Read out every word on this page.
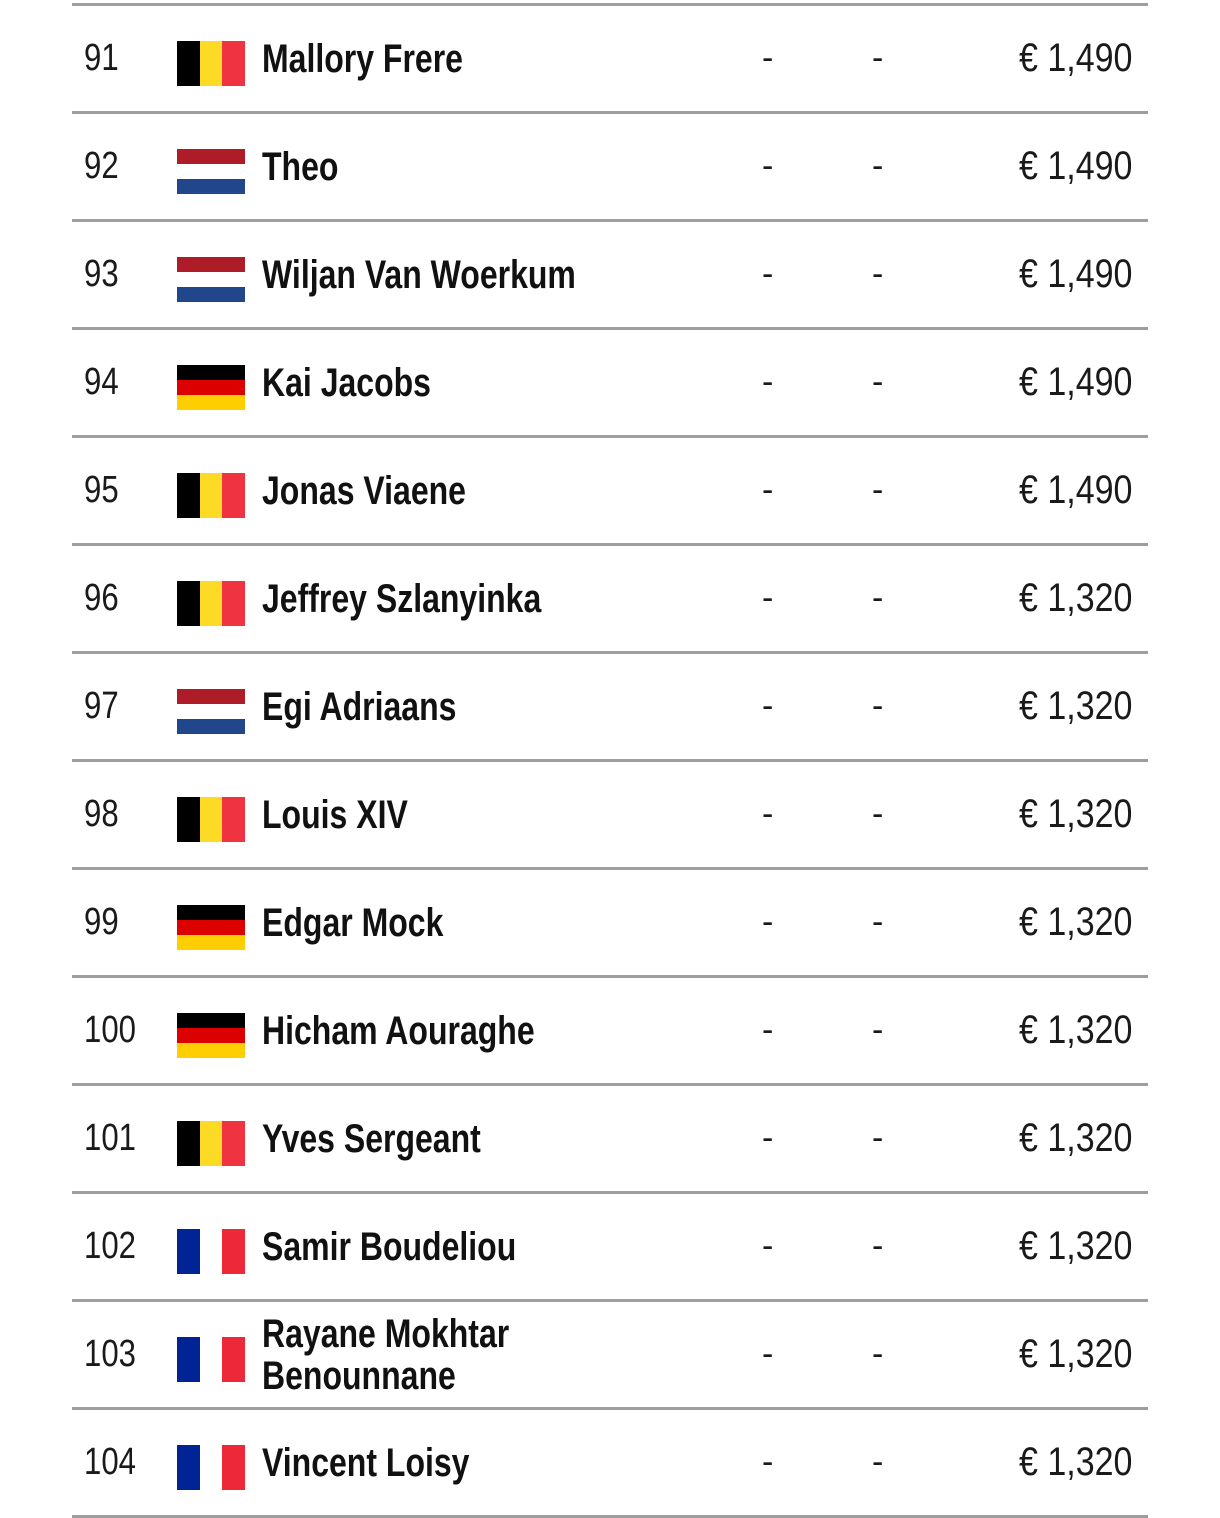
91	Mallory Frere	-	-	€ 1,490
92	Theo	-	-	€ 1,490
93	Wiljan Van Woerkum	-	-	€ 1,490
94	Kai Jacobs	-	-	€ 1,490
95	Jonas Viaene	-	-	€ 1,490
96	Jeffrey Szlanyinka	-	-	€ 1,320
97	Egi Adriaans	-	-	€ 1,320
98	Louis XIV	-	-	€ 1,320
99	Edgar Mock	-	-	€ 1,320
100	Hicham Aouraghe	-	-	€ 1,320
101	Yves Sergeant	-	-	€ 1,320
102	Samir Boudeliou	-	-	€ 1,320
103	Rayane Mokhtar Benounnane	-	-	€ 1,320
104	Vincent Loisy	-	-	€ 1,320
